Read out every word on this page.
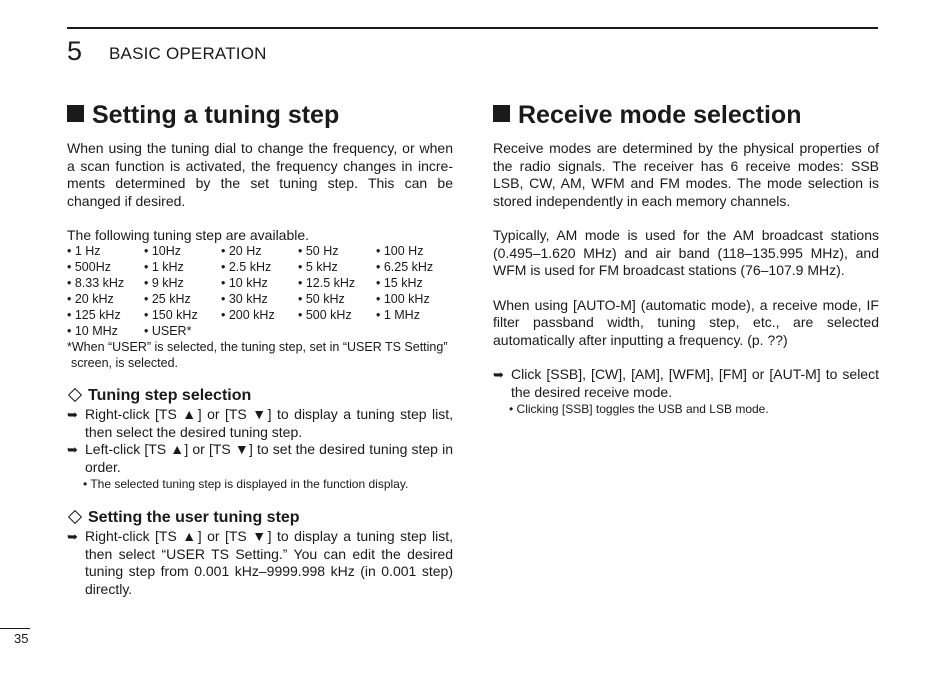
5 BASIC OPERATION
Setting a tuning step

When using the tuning dial to change the frequency, or when a scan function is activated, the frequency changes in incre-ments determined by the set tuning step. This can be changed if desired.

The following tuning step are available.
• 1 Hz	• 10Hz	• 20 Hz	• 50 Hz	• 100 Hz
• 500Hz	• 1 kHz	• 2.5 kHz	• 5 kHz	• 6.25 kHz
• 8.33 kHz	• 9 kHz	• 10 kHz	• 12.5 kHz	• 15 kHz
• 20 kHz	• 25 kHz	• 30 kHz	• 50 kHz	• 100 kHz
• 125 kHz	• 150 kHz	• 200 kHz	• 500 kHz	• 1 MHz
• 10 MHz	• USER*
*When “USER” is selected, the tuning step, set in “USER TS Setting”
screen, is selected.
Tuning step selection
➥ Right-click [TS ▲] or [TS ▼] to display a tuning step list, then select the desired tuning step.
➥ Left-click [TS ▲] or [TS ▼] to set the desired tuning step in order.
• The selected tuning step is displayed in the function display.
Setting the user tuning step
➥ Right-click [TS ▲] or [TS ▼] to display a tuning step list, then select “USER TS Setting.” You can edit the desired tuning step from 0.001 kHz–9999.998 kHz (in 0.001 step) directly.
Receive mode selection

Receive modes are determined by the physical properties of the radio signals. The receiver has 6 receive modes: SSB LSB, CW, AM, WFM and FM modes. The mode selection is stored independently in each memory channels.

Typically, AM mode is used for the AM broadcast stations (0.495–1.620 MHz) and air band (118–135.995 MHz), and WFM is used for FM broadcast stations (76–107.9 MHz).

When using [AUTO-M] (automatic mode), a receive mode, IF filter passband width, tuning step, etc., are selected automatically after inputting a frequency. (p. ??)

➥ Click [SSB], [CW], [AM], [WFM], [FM] or [AUT-M] to select the desired receive mode.
• Clicking [SSB] toggles the USB and LSB mode.
35
